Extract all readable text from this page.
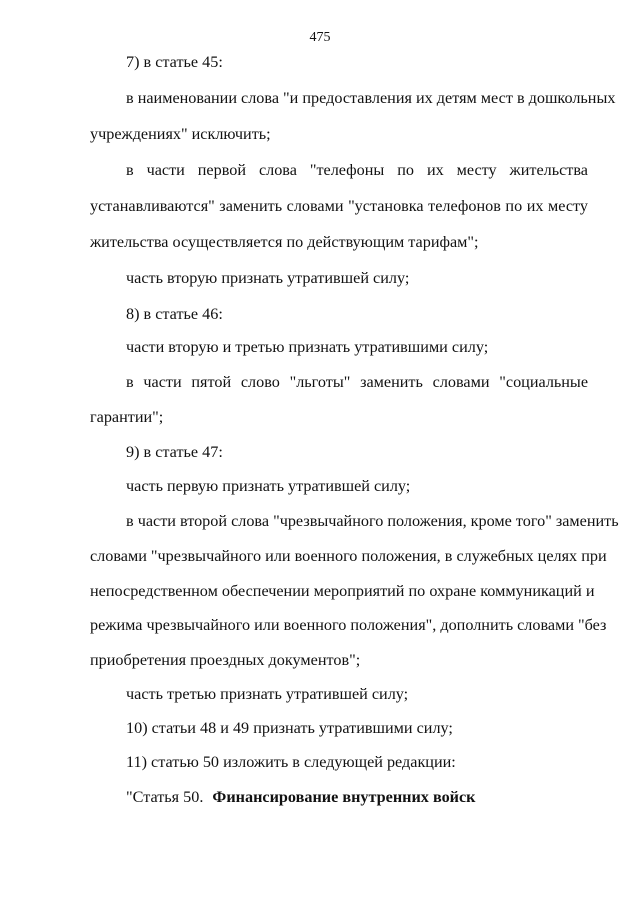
475
7) в статье 45:
в наименовании слова "и предоставления их детям мест в дошкольных
учреждениях" исключить;
в части первой слова "телефоны по их месту жительства
устанавливаются" заменить словами "установка телефонов по их месту
жительства осуществляется по действующим тарифам";
часть вторую признать утратившей силу;
8) в статье 46:
части вторую и третью признать утратившими силу;
в части пятой слово "льготы" заменить словами "социальные
гарантии";
9) в статье 47:
часть первую признать утратившей силу;
в части второй слова "чрезвычайного положения, кроме того" заменить
словами "чрезвычайного или военного положения, в служебных целях при
непосредственном обеспечении мероприятий по охране коммуникаций и
режима чрезвычайного или военного положения", дополнить словами "без
приобретения проездных документов";
часть третью признать утратившей силу;
10) статьи 48 и 49 признать утратившими силу;
11) статью 50 изложить в следующей редакции:
"Статья 50. Финансирование внутренних войск
